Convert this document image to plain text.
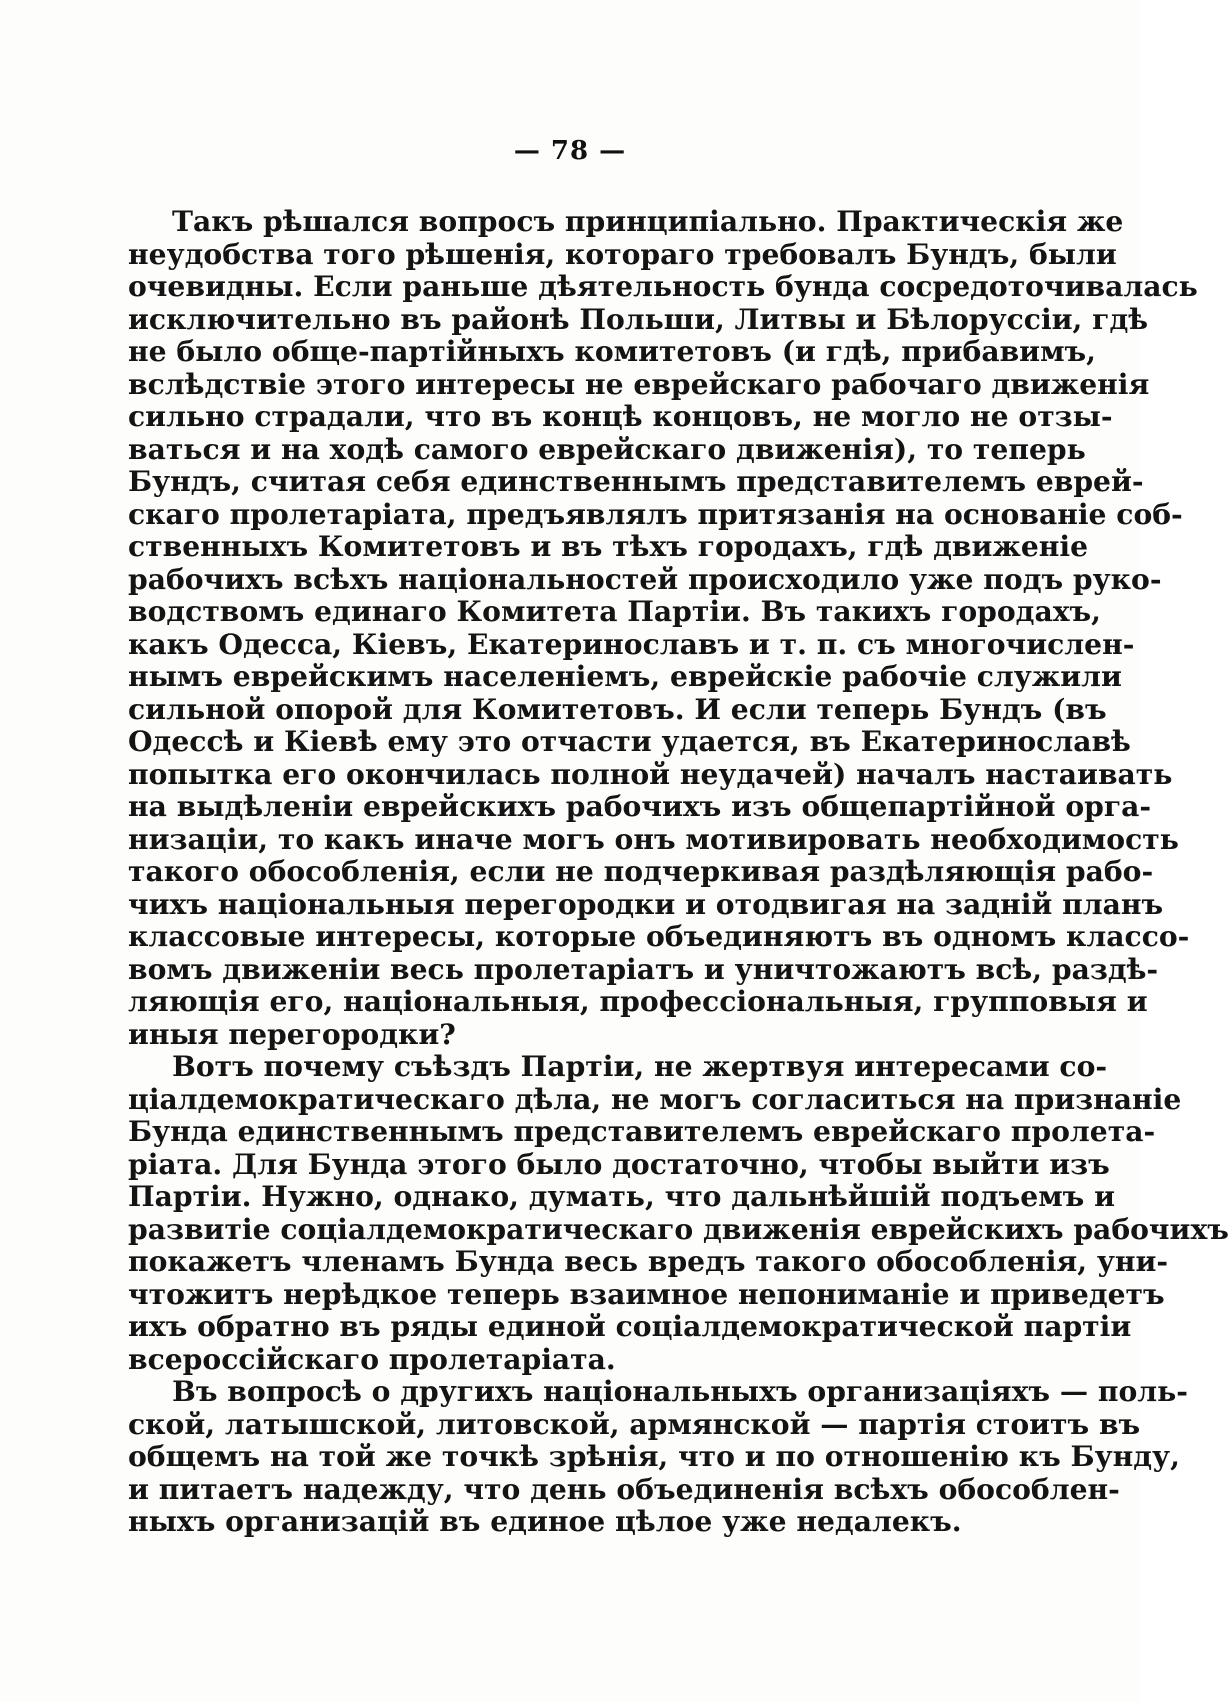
— 78 —
Такъ рѣшался вопросъ принципіально. Практическія же
неудобства того рѣшенія, котораго требовалъ Бундъ, были
очевидны. Если раньше дѣятельность бунда сосредоточивалась
исключительно въ районѣ Польши, Литвы и Бѣлоруссіи, гдѣ
не было обще-партійныхъ комитетовъ (и гдѣ, прибавимъ,
вслѣдствіе этого интересы не еврейскаго рабочаго движенія
сильно страдали, что въ концѣ концовъ, не могло не отзы-
ваться и на ходѣ самого еврейскаго движенія), то теперь
Бундъ, считая себя единственнымъ представителемъ еврей-
скаго пролетаріата, предъявлялъ притязанія на основаніе соб-
ственныхъ Комитетовъ и въ тѣхъ городахъ, гдѣ движеніе
рабочихъ всѣхъ національностей происходило уже подъ руко-
водствомъ единаго Комитета Партіи. Въ такихъ городахъ,
какъ Одесса, Кіевъ, Екатеринославъ и т. п. съ многочислен-
нымъ еврейскимъ населеніемъ, еврейскіе рабочіе служили
сильной опорой для Комитетовъ. И если теперь Бундъ (въ
Одессѣ и Кіевѣ ему это отчасти удается, въ Екатеринославѣ
попытка его окончилась полной неудачей) началъ настаивать
на выдѣленіи еврейскихъ рабочихъ изъ общепартійной орга-
низаціи, то какъ иначе могъ онъ мотивировать необходимость
такого обособленія, если не подчеркивая раздѣляющія рабо-
чихъ національныя перегородки и отодвигая на задній планъ
классовые интересы, которые объединяютъ въ одномъ классо-
вомъ движеніи весь пролетаріатъ и уничтожаютъ всѣ, раздѣ-
ляющія его, національныя, профессіональныя, групповыя и
иныя перегородки?
Вотъ почему съѣздъ Партіи, не жертвуя интересами со-
ціалдемократическаго дѣла, не могъ согласиться на признаніе
Бунда единственнымъ представителемъ еврейскаго пролета-
ріата. Для Бунда этого было достаточно, чтобы выйти изъ
Партіи. Нужно, однако, думать, что дальнѣйшій подъемъ и
развитіе соціалдемократическаго движенія еврейскихъ рабочихъ
покажетъ членамъ Бунда весь вредъ такого обособленія, уни-
чтожитъ нерѣдкое теперь взаимное непониманіе и приведетъ
ихъ обратно въ ряды единой соціалдемократической партіи
всероссійскаго пролетаріата.
Въ вопросѣ о другихъ національныхъ организаціяхъ — поль-
ской, латышской, литовской, армянской — партія стоитъ въ
общемъ на той же точкѣ зрѣнія, что и по отношенію къ Бунду,
и питаетъ надежду, что день объединенія всѣхъ обособлен-
ныхъ организацій въ единое цѣлое уже недалекъ.
